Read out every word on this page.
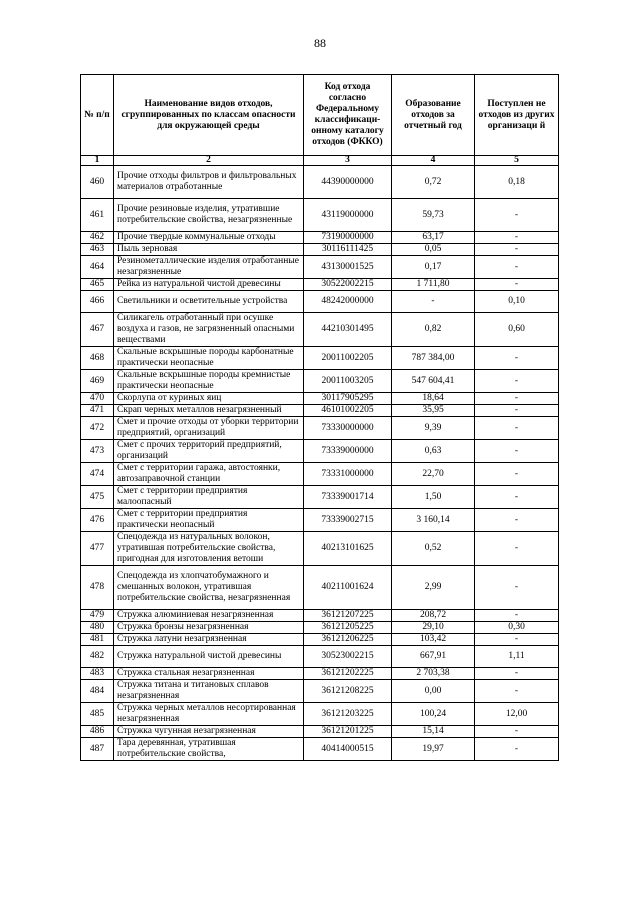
88
№ п/п	Наименование видов отходов, сгруппированных по классам опасности для окружающей среды	Код отхода согласно Федеральному классификаци-онному каталогу отходов (ФККО)	Образование отходов за отчетный год	Поступлен не отходов из других организаци й
1	2	3	4	5
460	Прочие отходы фильтров и фильтровальных материалов отработанные	44390000000	0,72	0,18
461	Прочие резиновые изделия, утратившие потребительские свойства, незагрязненные	43119000000	59,73	-
462	Прочие твердые коммунальные отходы	73190000000	63,17	-
463	Пыль зерновая	30116111425	0,05	-
464	Резинометаллические изделия отработанные незагрязненные	43130001525	0,17	-
465	Рейка из натуральной чистой древесины	30522002215	1 711,80	-
466	Светильники и осветительные устройства	48242000000	-	0,10
467	Силикагель отработанный при осушке воздуха и газов, не загрязненный опасными веществами	44210301495	0,82	0,60
468	Скальные вскрышные породы карбонатные практически неопасные	20011002205	787 384,00	-
469	Скальные вскрышные породы кремнистые практически неопасные	20011003205	547 604,41	-
470	Скорлупа от куриных яиц	30117905295	18,64	-
471	Скрап черных металлов незагрязненный	46101002205	35,95	-
472	Смет и прочие отходы от уборки территории предприятий, организаций	73330000000	9,39	-
473	Смет с прочих территорий предприятий, организаций	73339000000	0,63	-
474	Смет с территории гаража, автостоянки, автозаправочной станции	73331000000	22,70	-
475	Смет с территории предприятия малоопасный	73339001714	1,50	-
476	Смет с территории предприятия практически неопасный	73339002715	3 160,14	-
477	Спецодежда из натуральных волокон, утратившая потребительские свойства, пригодная для изготовления ветоши	40213101625	0,52	-
478	Спецодежда из хлопчатобумажного и смешанных волокон, утратившая потребительские свойства, незагрязненная	40211001624	2,99	-
479	Стружка алюминиевая незагрязненная	36121207225	208,72	-
480	Стружка бронзы незагрязненная	36121205225	29,10	0,30
481	Стружка латуни незагрязненная	36121206225	103,42	-
482	Стружка натуральной чистой древесины	30523002215	667,91	1,11
483	Стружка стальная незагрязненная	36121202225	2 703,38	-
484	Стружка титана и титановых сплавов незагрязненная	36121208225	0,00	-
485	Стружка черных металлов несортированная незагрязненная	36121203225	100,24	12,00
486	Стружка чугунная незагрязненная	36121201225	15,14	-
487	Тара деревянная, утратившая потребительские свойства,	40414000515	19,97	-
